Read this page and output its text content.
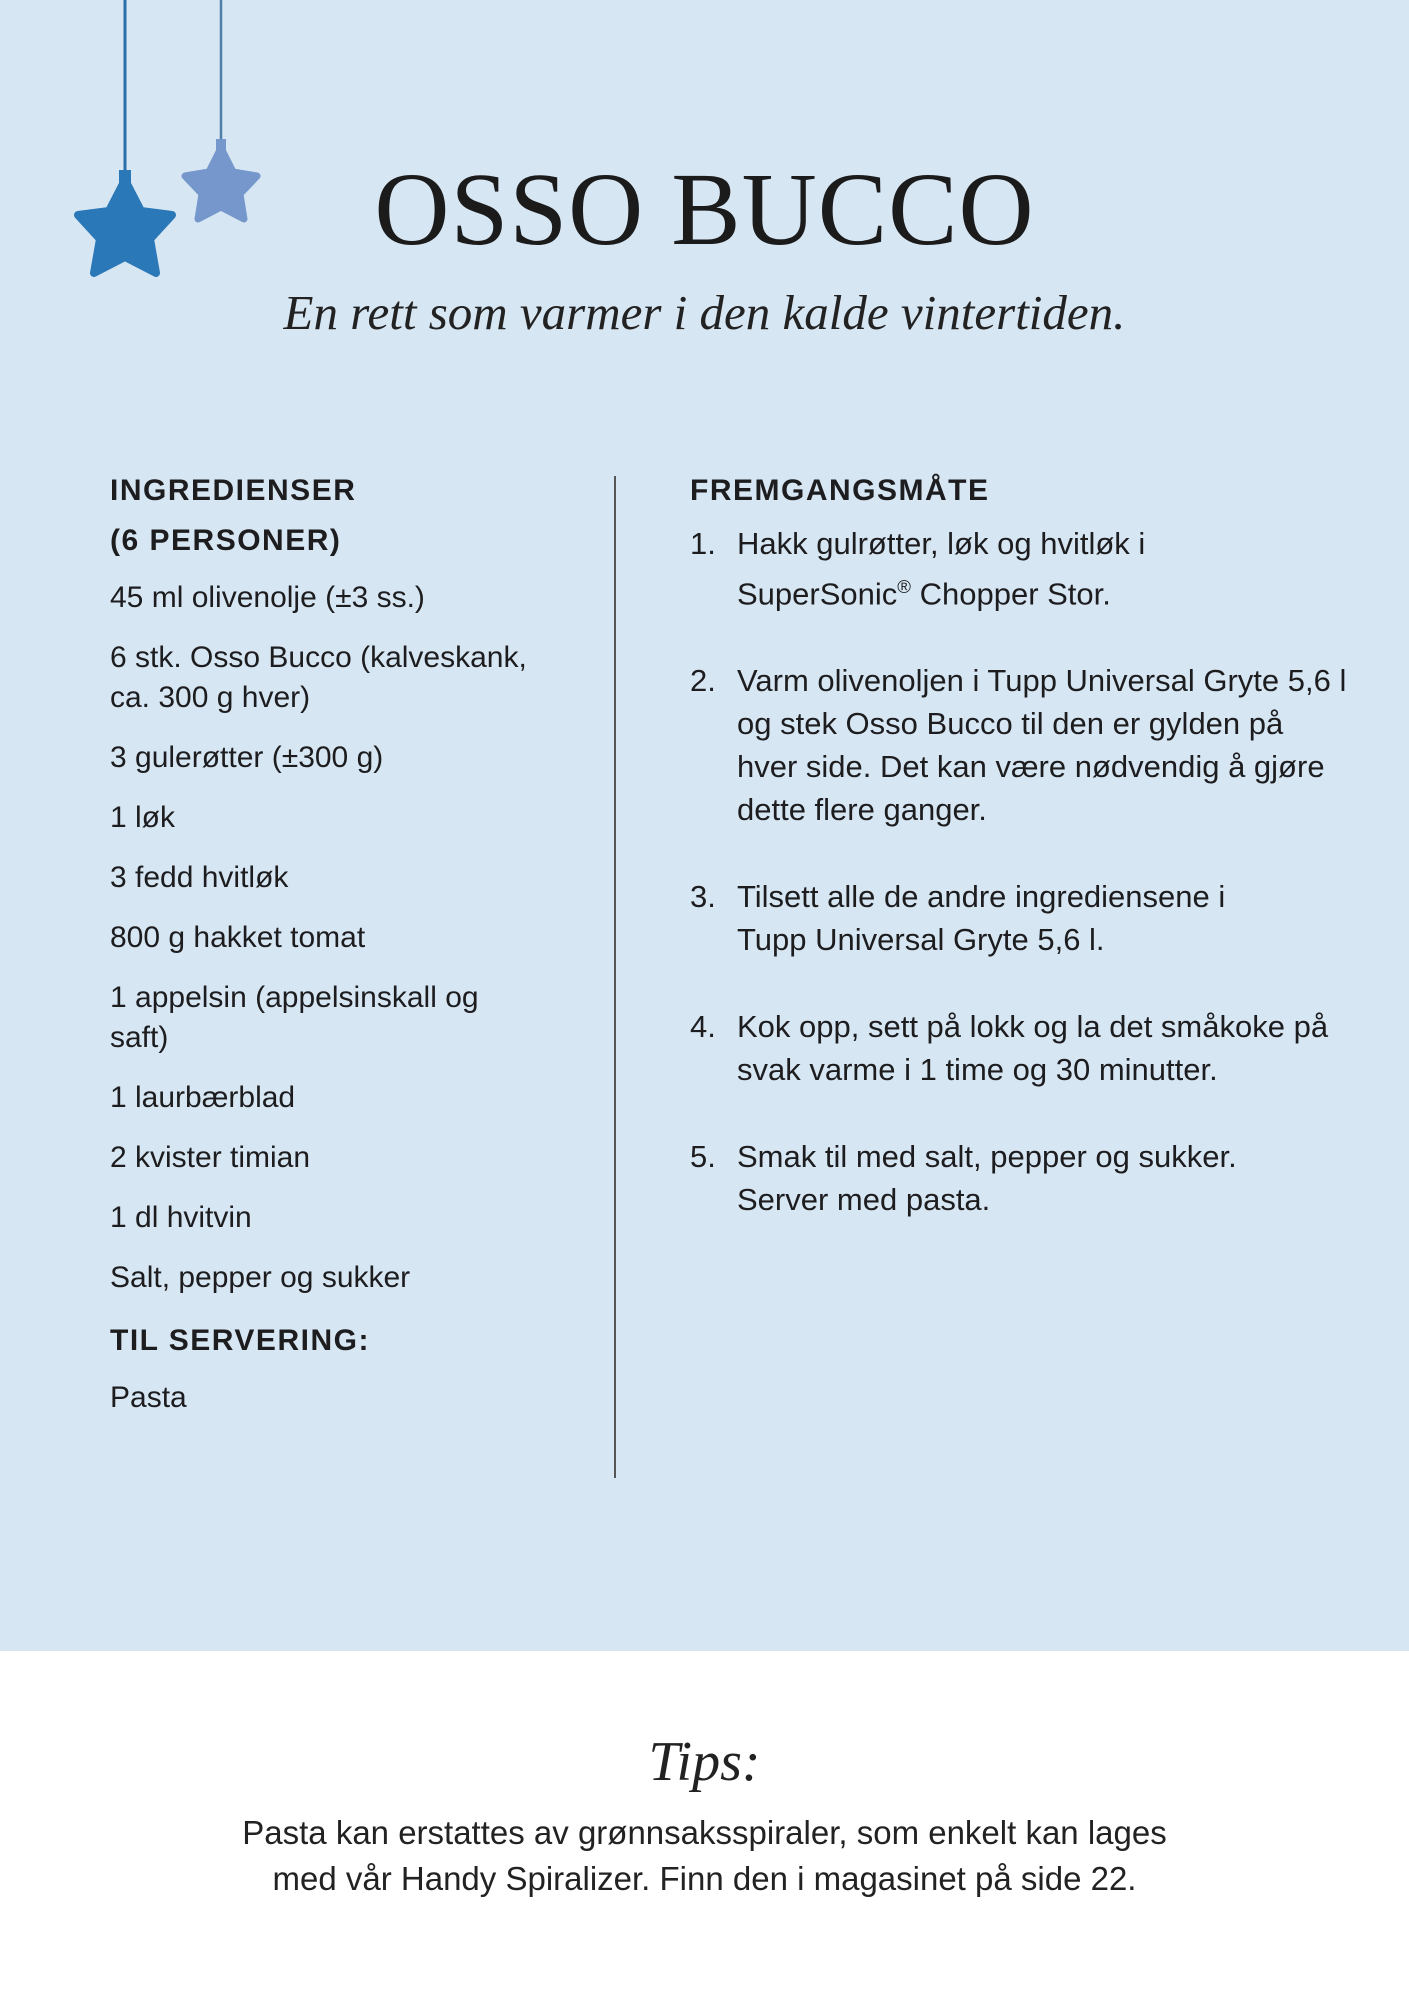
OSSO BUCCO
En rett som varmer i den kalde vintertiden.
INGREDIENSER
(6 PERSONER)
45 ml olivenolje (±3 ss.)
6 stk. Osso Bucco (kalveskank, ca. 300 g hver)
3 gulerøtter (±300 g)
1 løk
3 fedd hvitløk
800 g hakket tomat
1 appelsin (appelsinskall og saft)
1 laurbærblad
2 kvister timian
1 dl hvitvin
Salt, pepper og sukker
TIL SERVERING:
Pasta
FREMGANGSMÅTE
1. Hakk gulrøtter, løk og hvitløk i SuperSonic® Chopper Stor.
2. Varm olivenoljen i Tupp Universal Gryte 5,6 l og stek Osso Bucco til den er gylden på hver side. Det kan være nødvendig å gjøre dette flere ganger.
3. Tilsett alle de andre ingrediensene i Tupp Universal Gryte 5,6 l.
4. Kok opp, sett på lokk og la det småkoke på svak varme i 1 time og 30 minutter.
5. Smak til med salt, pepper og sukker. Server med pasta.
Tips:
Pasta kan erstattes av grønnsaksspiraler, som enkelt kan lages
med vår Handy Spiralizer. Finn den i magasinet på side 22.
